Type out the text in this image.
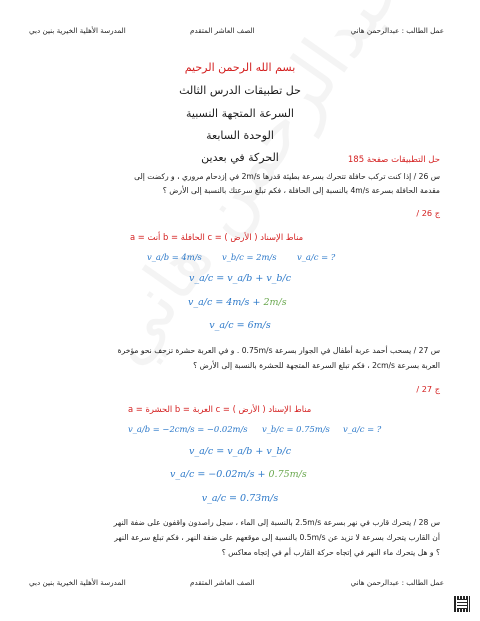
المدرسة الأهلية الخيرية بنين دبي	الصف العاشر المتقدم	عمل الطالب : عبدالرحمن هاني
بسم الله الرحمن الرحيم
حل تطبيقات الدرس الثالث
السرعة المتجهة النسبية
الوحدة السابعة
الحركة في بعدين	حل التطبيقات صفحة 185
س 26 / إذا كنت تركب حافلة تتحرك بسرعة بطيئة قدرها 2m/s في إزدحام مروري ، و ركضت إلى
مقدمة الحافلة بسرعة 4m/s بالنسبة إلى الحافلة ، فكم تبلغ سرعتك بالنسبة إلى الأرض ؟
ج 26 /
a = أنت b = الحافلة c = مناط الإسناد ( الأرض )
v_a/b = 4m/s v_b/c = 2m/s v_a/c = ?
v_a/c = v_a/b + v_b/c
v_a/c = 4m/s + 2m/s
v_a/c = 6m/s
س 27 / يسحب أحمد عربة أطفال في الجوار بسرعة 0.75m/s . و في العربة حشرة تزحف نحو مؤخرة
العربة بسرعة 2cm/s ، فكم تبلغ السرعة المتجهة للحشرة بالنسبة إلى الأرض ؟
ج 27 /
a = الحشرة b = العربة c = مناط الإسناد ( الأرض )
v_a/b = −2cm/s = −0.02m/s v_b/c = 0.75m/s v_a/c = ?
v_a/c = v_a/b + v_b/c
v_a/c = −0.02m/s + 0.75m/s
v_a/c = 0.73m/s
س 28 / يتحرك قارب في نهر بسرعة 2.5m/s بالنسبة إلى الماء ، سجل راصدون واقفون على ضفة النهر
أن القارب يتحرك بسرعة لا تزيد عن 0.5m/s بالنسبة إلى موقعهم على ضفة النهر ، فكم تبلغ سرعة النهر
؟ و هل يتحرك ماء النهر في إتجاه حركة القارب أم في إتجاه معاكس ؟
المدرسة الأهلية الخيرية بنين دبي	الصف العاشر المتقدم	عمل الطالب : عبدالرحمن هاني
